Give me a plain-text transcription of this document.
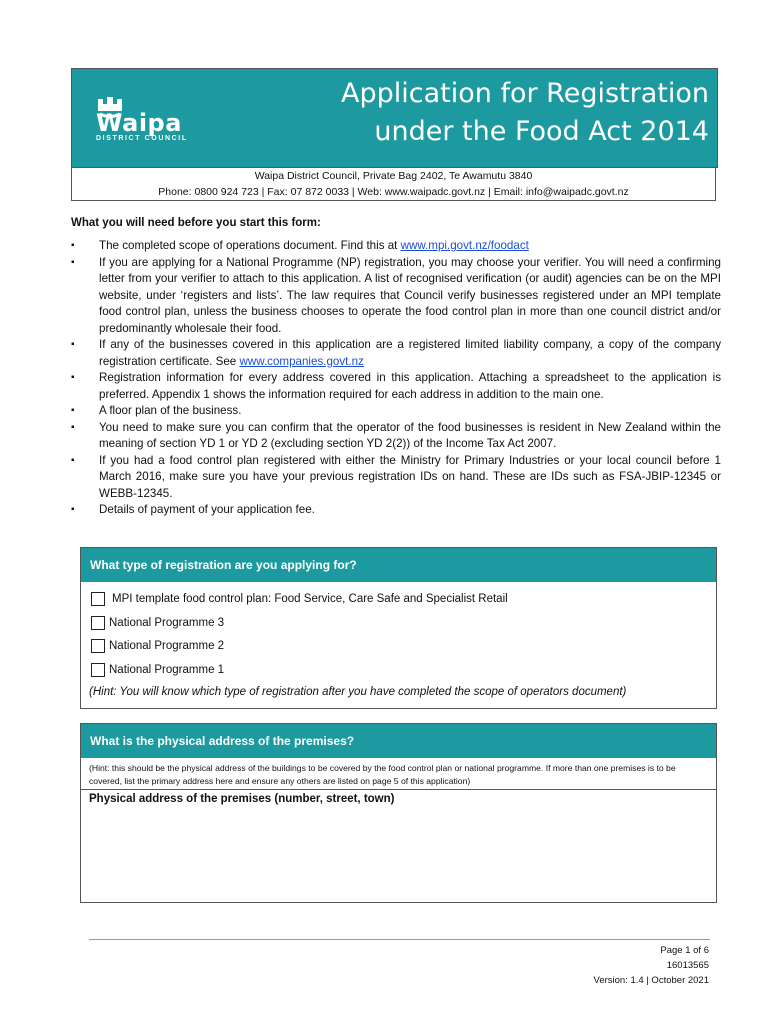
Waipa
DISTRICT COUNCIL
Application for Registration
under the Food Act 2014
Waipa District Council, Private Bag 2402, Te Awamutu 3840
Phone: 0800 924 723 | Fax: 07 872 0033 | Web: www.waipadc.govt.nz | Email: info@waipadc.govt.nz
What you will need before you start this form:
▪	The completed scope of operations document. Find this at www.mpi.govt.nz/foodact
▪	If you are applying for a National Programme (NP) registration, you may choose your verifier. You will need a confirming letter from your verifier to attach to this application. A list of recognised verification (or audit) agencies can be on the MPI website, under ‘registers and lists’. The law requires that Council verify businesses registered under an MPI template food control plan, unless the business chooses to operate the food control plan in more than one council district and/or predominantly wholesale their food.
▪	If any of the businesses covered in this application are a registered limited liability company, a copy of the company registration certificate. See www.companies.govt.nz
▪	Registration information for every address covered in this application. Attaching a spreadsheet to the application is preferred. Appendix 1 shows the information required for each address in addition to the main one.
▪	A floor plan of the business.
▪	You need to make sure you can confirm that the operator of the food businesses is resident in New Zealand within the meaning of section YD 1 or YD 2 (excluding section YD 2(2)) of the Income Tax Act 2007.
▪	If you had a food control plan registered with either the Ministry for Primary Industries or your local council before 1 March 2016, make sure you have your previous registration IDs on hand. These are IDs such as FSA-JBIP-12345 or WEBB-12345.
▪	Details of payment of your application fee.
What type of registration are you applying for?
MPI template food control plan: Food Service, Care Safe and Specialist Retail
National Programme 3
National Programme 2
National Programme 1
(Hint: You will know which type of registration after you have completed the scope of operators document)
What is the physical address of the premises?
(Hint: this should be the physical address of the buildings to be covered by the food control plan or national programme. If more than one premises is to be covered, list the primary address here and ensure any others are listed on page 5 of this application)
Physical address of the premises (number, street, town)
Page 1 of 6
16013565
Version: 1.4 | October 2021
